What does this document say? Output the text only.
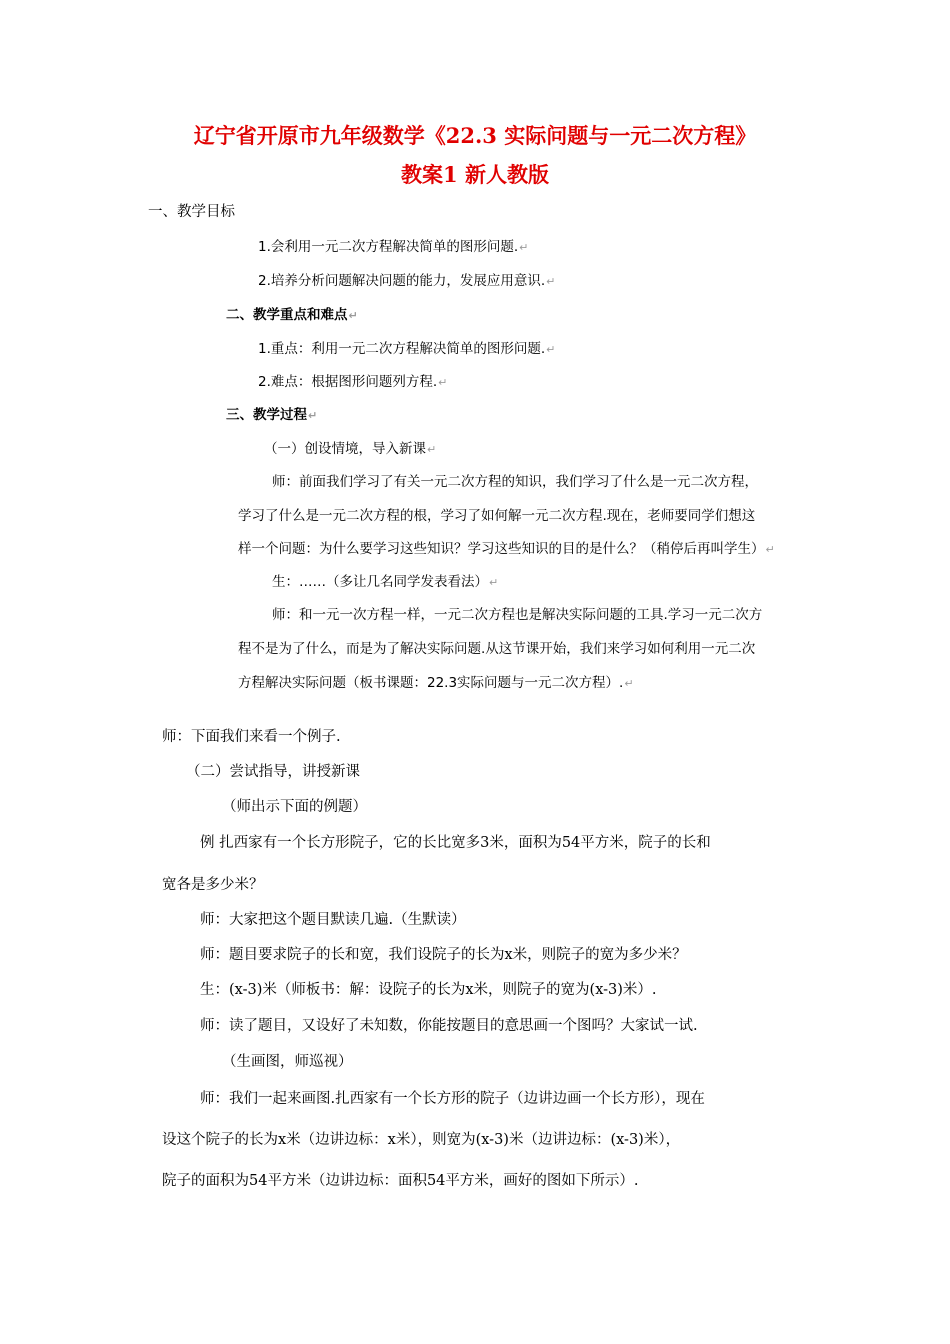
辽宁省开原市九年级数学《22.3 实际问题与一元二次方程》
教案1 新人教版
一、教学目标
1.会利用一元二次方程解决简单的图形问题.↵
2.培养分析问题解决问题的能力，发展应用意识.↵
二、教学重点和难点↵
1.重点：利用一元二次方程解决简单的图形问题.↵
2.难点：根据图形问题列方程.↵
三、教学过程↵
（一）创设情境，导入新课↵
师：前面我们学习了有关一元二次方程的知识，我们学习了什么是一元二次方程，
学习了什么是一元二次方程的根，学习了如何解一元二次方程.现在，老师要同学们想这
样一个问题：为什么要学习这些知识？学习这些知识的目的是什么？（稍停后再叫学生）↵
生：……（多让几名同学发表看法）↵
师：和一元一次方程一样，一元二次方程也是解决实际问题的工具.学习一元二次方
程不是为了什么，而是为了解决实际问题.从这节课开始，我们来学习如何利用一元二次
方程解决实际问题（板书课题：22.3实际问题与一元二次方程）.↵
师：下面我们来看一个例子.
（二）尝试指导，讲授新课
（师出示下面的例题）
例 扎西家有一个长方形院子，它的长比宽多3米，面积为54平方米，院子的长和
宽各是多少米？
师：大家把这个题目默读几遍.（生默读）
师：题目要求院子的长和宽，我们设院子的长为x米，则院子的宽为多少米？
生：(x-3)米（师板书：解：设院子的长为x米，则院子的宽为(x-3)米）.
师：读了题目，又设好了未知数，你能按题目的意思画一个图吗？大家试一试.
（生画图，师巡视）
师：我们一起来画图.扎西家有一个长方形的院子（边讲边画一个长方形），现在
设这个院子的长为x米（边讲边标：x米），则宽为(x-3)米（边讲边标：(x-3)米），
院子的面积为54平方米（边讲边标：面积54平方米，画好的图如下所示）.
